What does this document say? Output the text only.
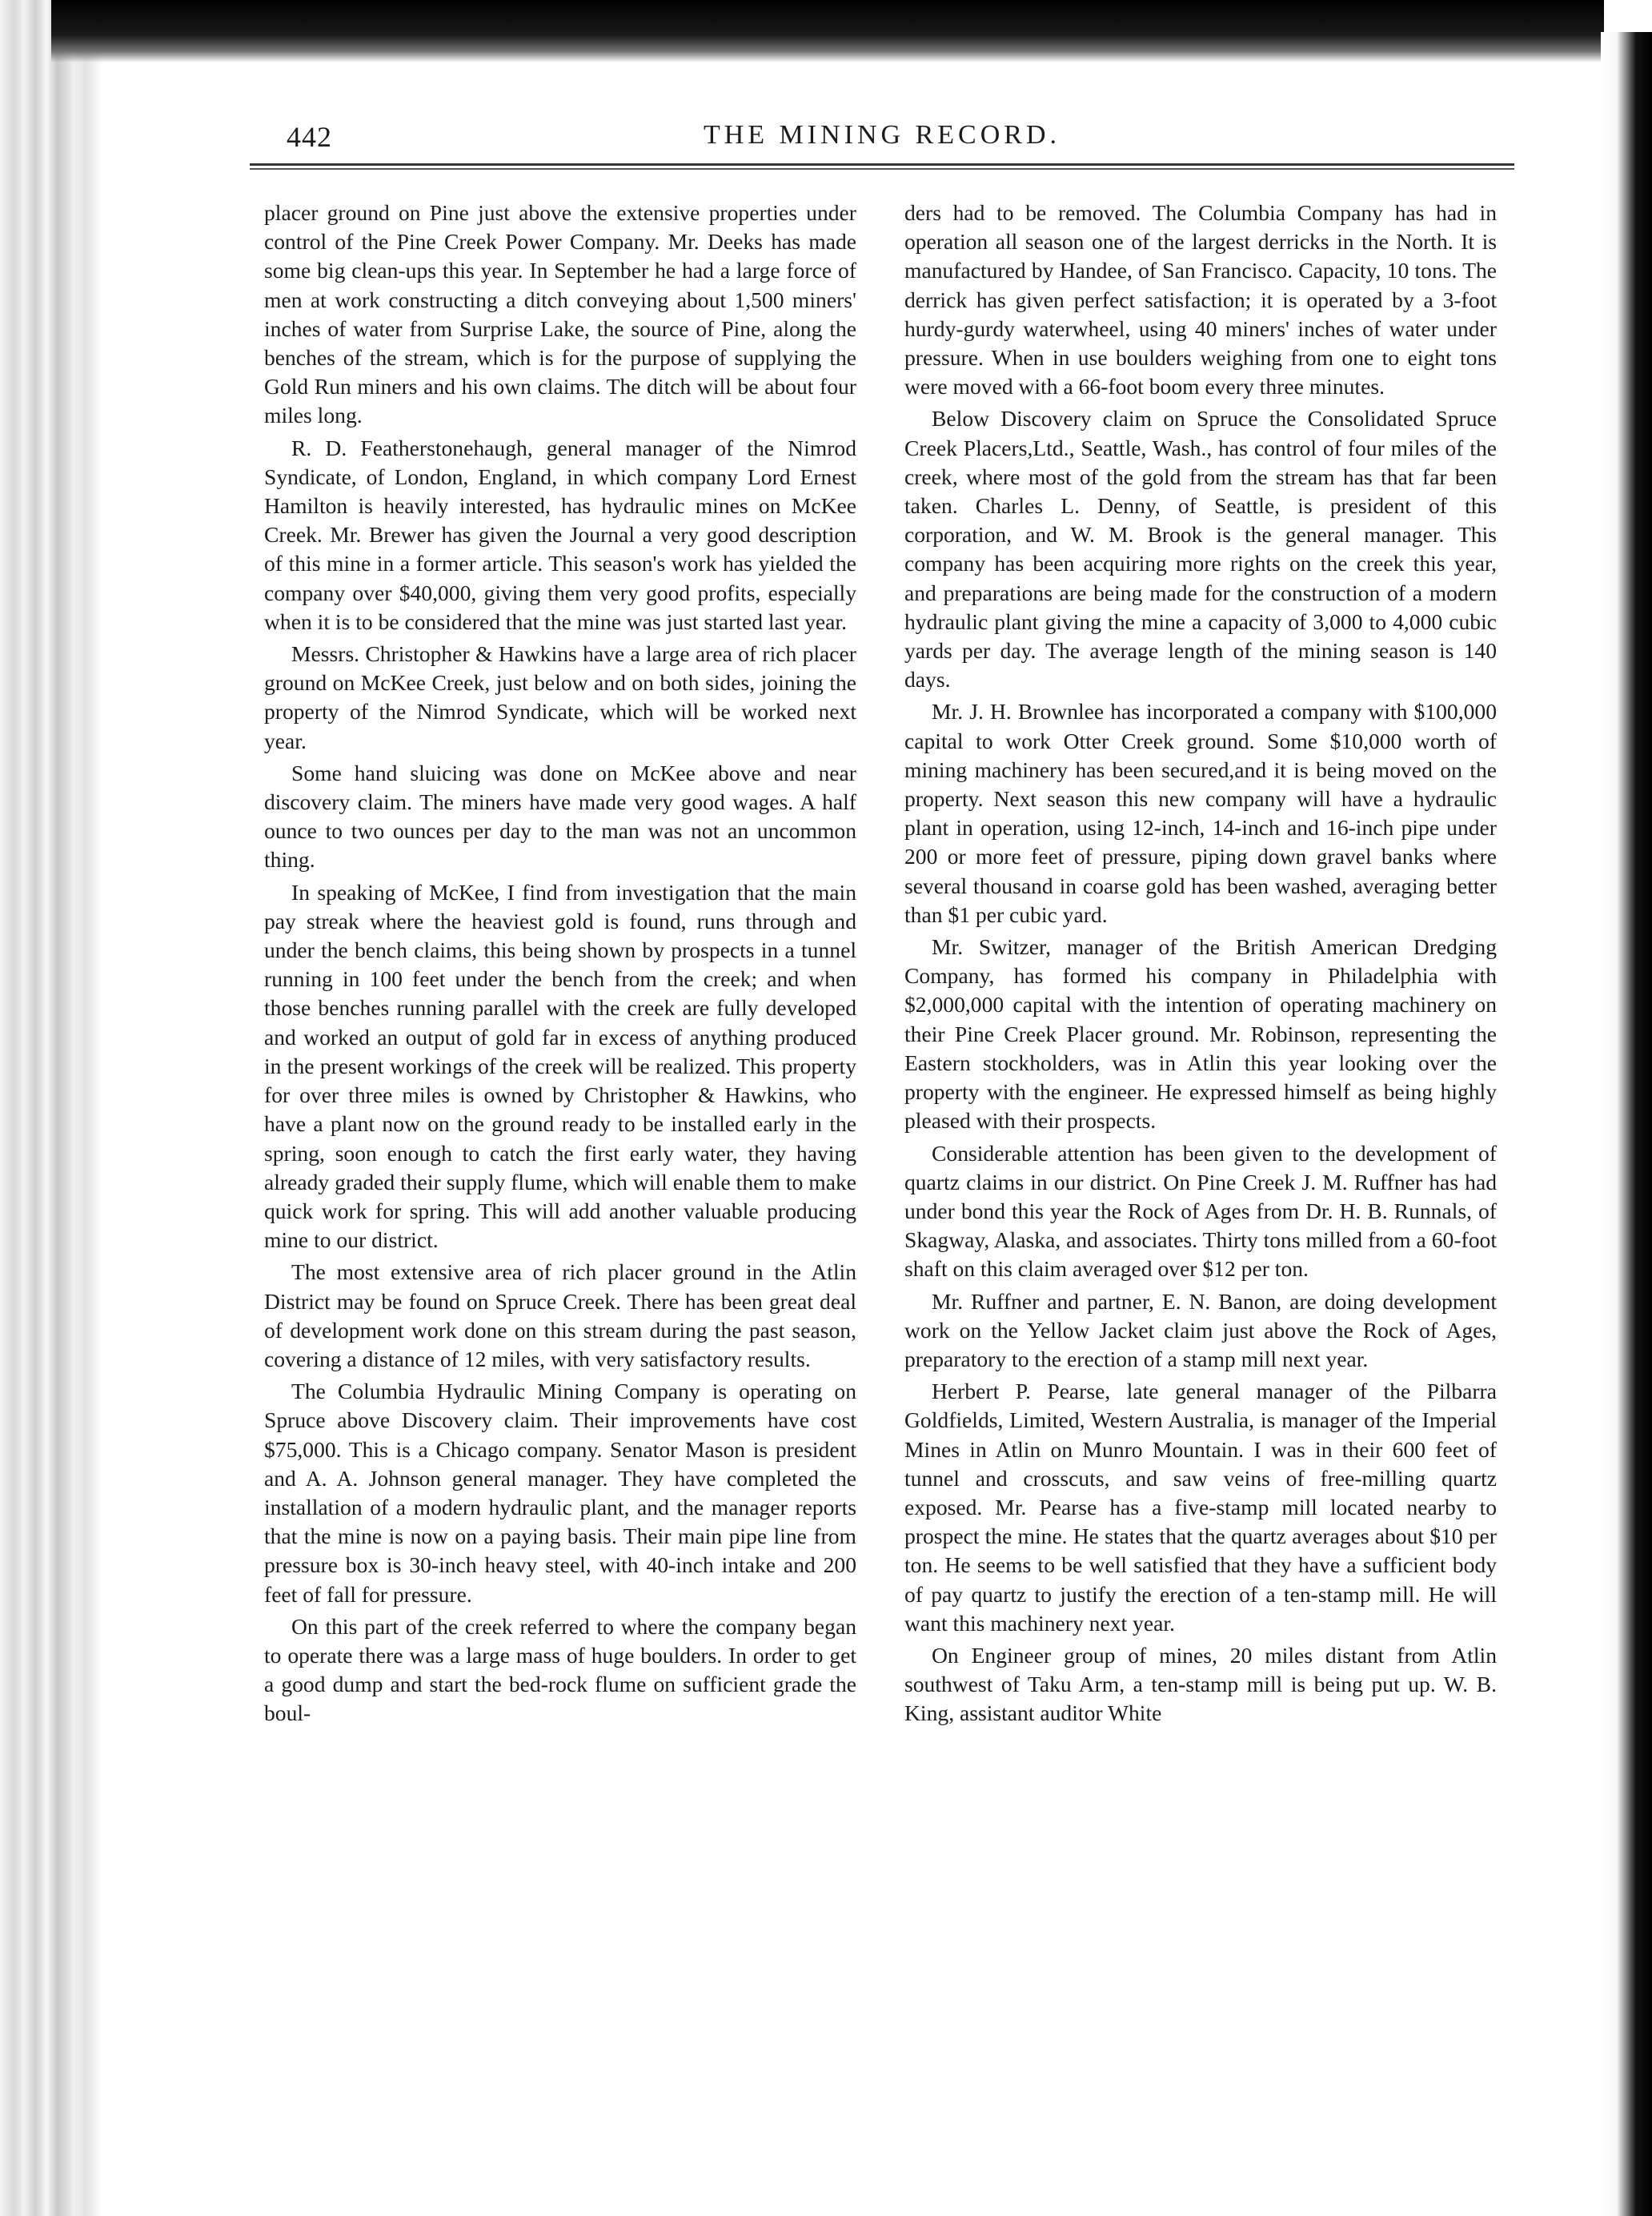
442	THE MINING RECORD.

placer ground on Pine just above the extensive properties under control of the Pine Creek Power Company. Mr. Deeks has made some big clean-ups this year. In September he had a large force of men at work constructing a ditch conveying about 1,500 miners' inches of water from Surprise Lake, the source of Pine, along the benches of the stream, which is for the purpose of supplying the Gold Run miners and his own claims. The ditch will be about four miles long.

R. D. Featherstonehaugh, general manager of the Nimrod Syndicate, of London, England, in which company Lord Ernest Hamilton is heavily interested, has hydraulic mines on McKee Creek. Mr. Brewer has given the Journal a very good description of this mine in a former article. This season's work has yielded the company over $40,000, giving them very good profits, especially when it is to be considered that the mine was just started last year.

Messrs. Christopher & Hawkins have a large area of rich placer ground on McKee Creek, just below and on both sides, joining the property of the Nimrod Syndicate, which will be worked next year.

Some hand sluicing was done on McKee above and near discovery claim. The miners have made very good wages. A half ounce to two ounces per day to the man was not an uncommon thing.

In speaking of McKee, I find from investigation that the main pay streak where the heaviest gold is found, runs through and under the bench claims, this being shown by prospects in a tunnel running in 100 feet under the bench from the creek; and when those benches running parallel with the creek are fully developed and worked an output of gold far in excess of anything produced in the present workings of the creek will be realized. This property for over three miles is owned by Christopher & Hawkins, who have a plant now on the ground ready to be installed early in the spring, soon enough to catch the first early water, they having already graded their supply flume, which will enable them to make quick work for spring. This will add another valuable producing mine to our district.

The most extensive area of rich placer ground in the Atlin District may be found on Spruce Creek. There has been great deal of development work done on this stream during the past season, covering a distance of 12 miles, with very satisfactory results.

The Columbia Hydraulic Mining Company is operating on Spruce above Discovery claim. Their improvements have cost $75,000. This is a Chicago company. Senator Mason is president and A. A. Johnson general manager. They have completed the installation of a modern hydraulic plant, and the manager reports that the mine is now on a paying basis. Their main pipe line from pressure box is 30-inch heavy steel, with 40-inch intake and 200 feet of fall for pressure.

On this part of the creek referred to where the company began to operate there was a large mass of huge boulders. In order to get a good dump and start the bed-rock flume on sufficient grade the boul-

ders had to be removed. The Columbia Company has had in operation all season one of the largest derricks in the North. It is manufactured by Handee, of San Francisco. Capacity, 10 tons. The derrick has given perfect satisfaction; it is operated by a 3-foot hurdy-gurdy waterwheel, using 40 miners' inches of water under pressure. When in use boulders weighing from one to eight tons were moved with a 66-foot boom every three minutes.

Below Discovery claim on Spruce the Consolidated Spruce Creek Placers,Ltd., Seattle, Wash., has control of four miles of the creek, where most of the gold from the stream has that far been taken. Charles L. Denny, of Seattle, is president of this corporation, and W. M. Brook is the general manager. This company has been acquiring more rights on the creek this year, and preparations are being made for the construction of a modern hydraulic plant giving the mine a capacity of 3,000 to 4,000 cubic yards per day. The average length of the mining season is 140 days.

Mr. J. H. Brownlee has incorporated a company with $100,000 capital to work Otter Creek ground. Some $10,000 worth of mining machinery has been secured,and it is being moved on the property. Next season this new company will have a hydraulic plant in operation, using 12-inch, 14-inch and 16-inch pipe under 200 or more feet of pressure, piping down gravel banks where several thousand in coarse gold has been washed, averaging better than $1 per cubic yard.

Mr. Switzer, manager of the British American Dredging Company, has formed his company in Philadelphia with $2,000,000 capital with the intention of operating machinery on their Pine Creek Placer ground. Mr. Robinson, representing the Eastern stockholders, was in Atlin this year looking over the property with the engineer. He expressed himself as being highly pleased with their prospects.

Considerable attention has been given to the development of quartz claims in our district. On Pine Creek J. M. Ruffner has had under bond this year the Rock of Ages from Dr. H. B. Runnals, of Skagway, Alaska, and associates. Thirty tons milled from a 60-foot shaft on this claim averaged over $12 per ton.

Mr. Ruffner and partner, E. N. Banon, are doing development work on the Yellow Jacket claim just above the Rock of Ages, preparatory to the erection of a stamp mill next year.

Herbert P. Pearse, late general manager of the Pilbarra Goldfields, Limited, Western Australia, is manager of the Imperial Mines in Atlin on Munro Mountain. I was in their 600 feet of tunnel and crosscuts, and saw veins of free-milling quartz exposed. Mr. Pearse has a five-stamp mill located nearby to prospect the mine. He states that the quartz averages about $10 per ton. He seems to be well satisfied that they have a sufficient body of pay quartz to justify the erection of a ten-stamp mill. He will want this machinery next year.

On Engineer group of mines, 20 miles distant from Atlin southwest of Taku Arm, a ten-stamp mill is being put up. W. B. King, assistant auditor White
